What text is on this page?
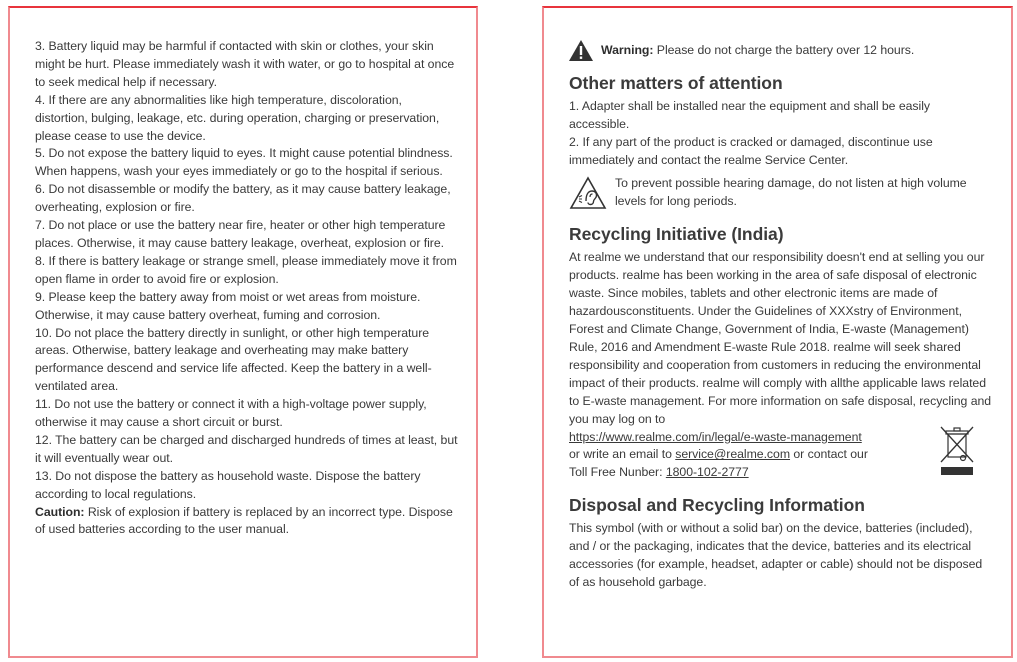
3. Battery liquid may be harmful if contacted with skin or clothes, your skin might be hurt. Please immediately wash it with water, or go to hospital at once to seek medical help if necessary.

4. If there are any abnormalities like high temperature, discoloration, distortion, bulging, leakage, etc. during operation, charging or preservation, please cease to use the device.

5. Do not expose the battery liquid to eyes. It might cause potential blindness. When happens, wash your eyes immediately or go to the hospital if serious.

6. Do not disassemble or modify the battery, as it may cause battery leakage, overheating, explosion or fire.

7. Do not place or use the battery near fire, heater or other high temperature places. Otherwise, it may cause battery leakage, overheat, explosion or fire.

8. If there is battery leakage or strange smell, please immediately move it from open flame in order to avoid fire or explosion.

9. Please keep the battery away from moist or wet areas from moisture. Otherwise, it may cause battery overheat, fuming and corrosion.

10. Do not place the battery directly in sunlight, or other high temperature areas. Otherwise, battery leakage and overheating may make battery performance descend and service life affected. Keep the battery in a well-ventilated area.

11. Do not use the battery or connect it with a high-voltage power supply, otherwise it may cause a short circuit or burst.

12. The battery can be charged and discharged hundreds of times at least, but it will eventually wear out.

13. Do not dispose the battery as household waste. Dispose the battery according to local regulations.

Caution: Risk of explosion if battery is replaced by an incorrect type. Dispose of used batteries according to the user manual.

Warning: Please do not charge the battery over 12 hours.

Other matters of attention

1. Adapter shall be installed near the equipment and shall be easily accessible.

2. If any part of the product is cracked or damaged, discontinue use immediately and contact the realme Service Center.

To prevent possible hearing damage, do not listen at high volume levels for long periods.

Recycling Initiative (India)

At realme we understand that our responsibility doesn't end at selling you our products. realme has been working in the area of safe disposal of electronic waste. Since mobiles, tablets and other electronic items are made of hazardousconstituents. Under the Guidelines of XXXstry of Environment, Forest and Climate Change, Government of India, E-waste (Management) Rule, 2016 and Amendment E-waste Rule 2018. realme will seek shared responsibility and cooperation from customers in reducing the environmental impact of their products. realme will comply with allthe applicable laws related to E-waste management. For more information on safe disposal, recycling and you may log on to

https://www.realme.com/in/legal/e-waste-management

or write an email to service@realme.com or contact our

Toll Free Nunber: 1800-102-2777

Disposal and Recycling Information

This symbol (with or without a solid bar) on the device, batteries (included), and / or the packaging, indicates that the device, batteries and its electrical accessories (for example, headset, adapter or cable) should not be disposed of as household garbage.
